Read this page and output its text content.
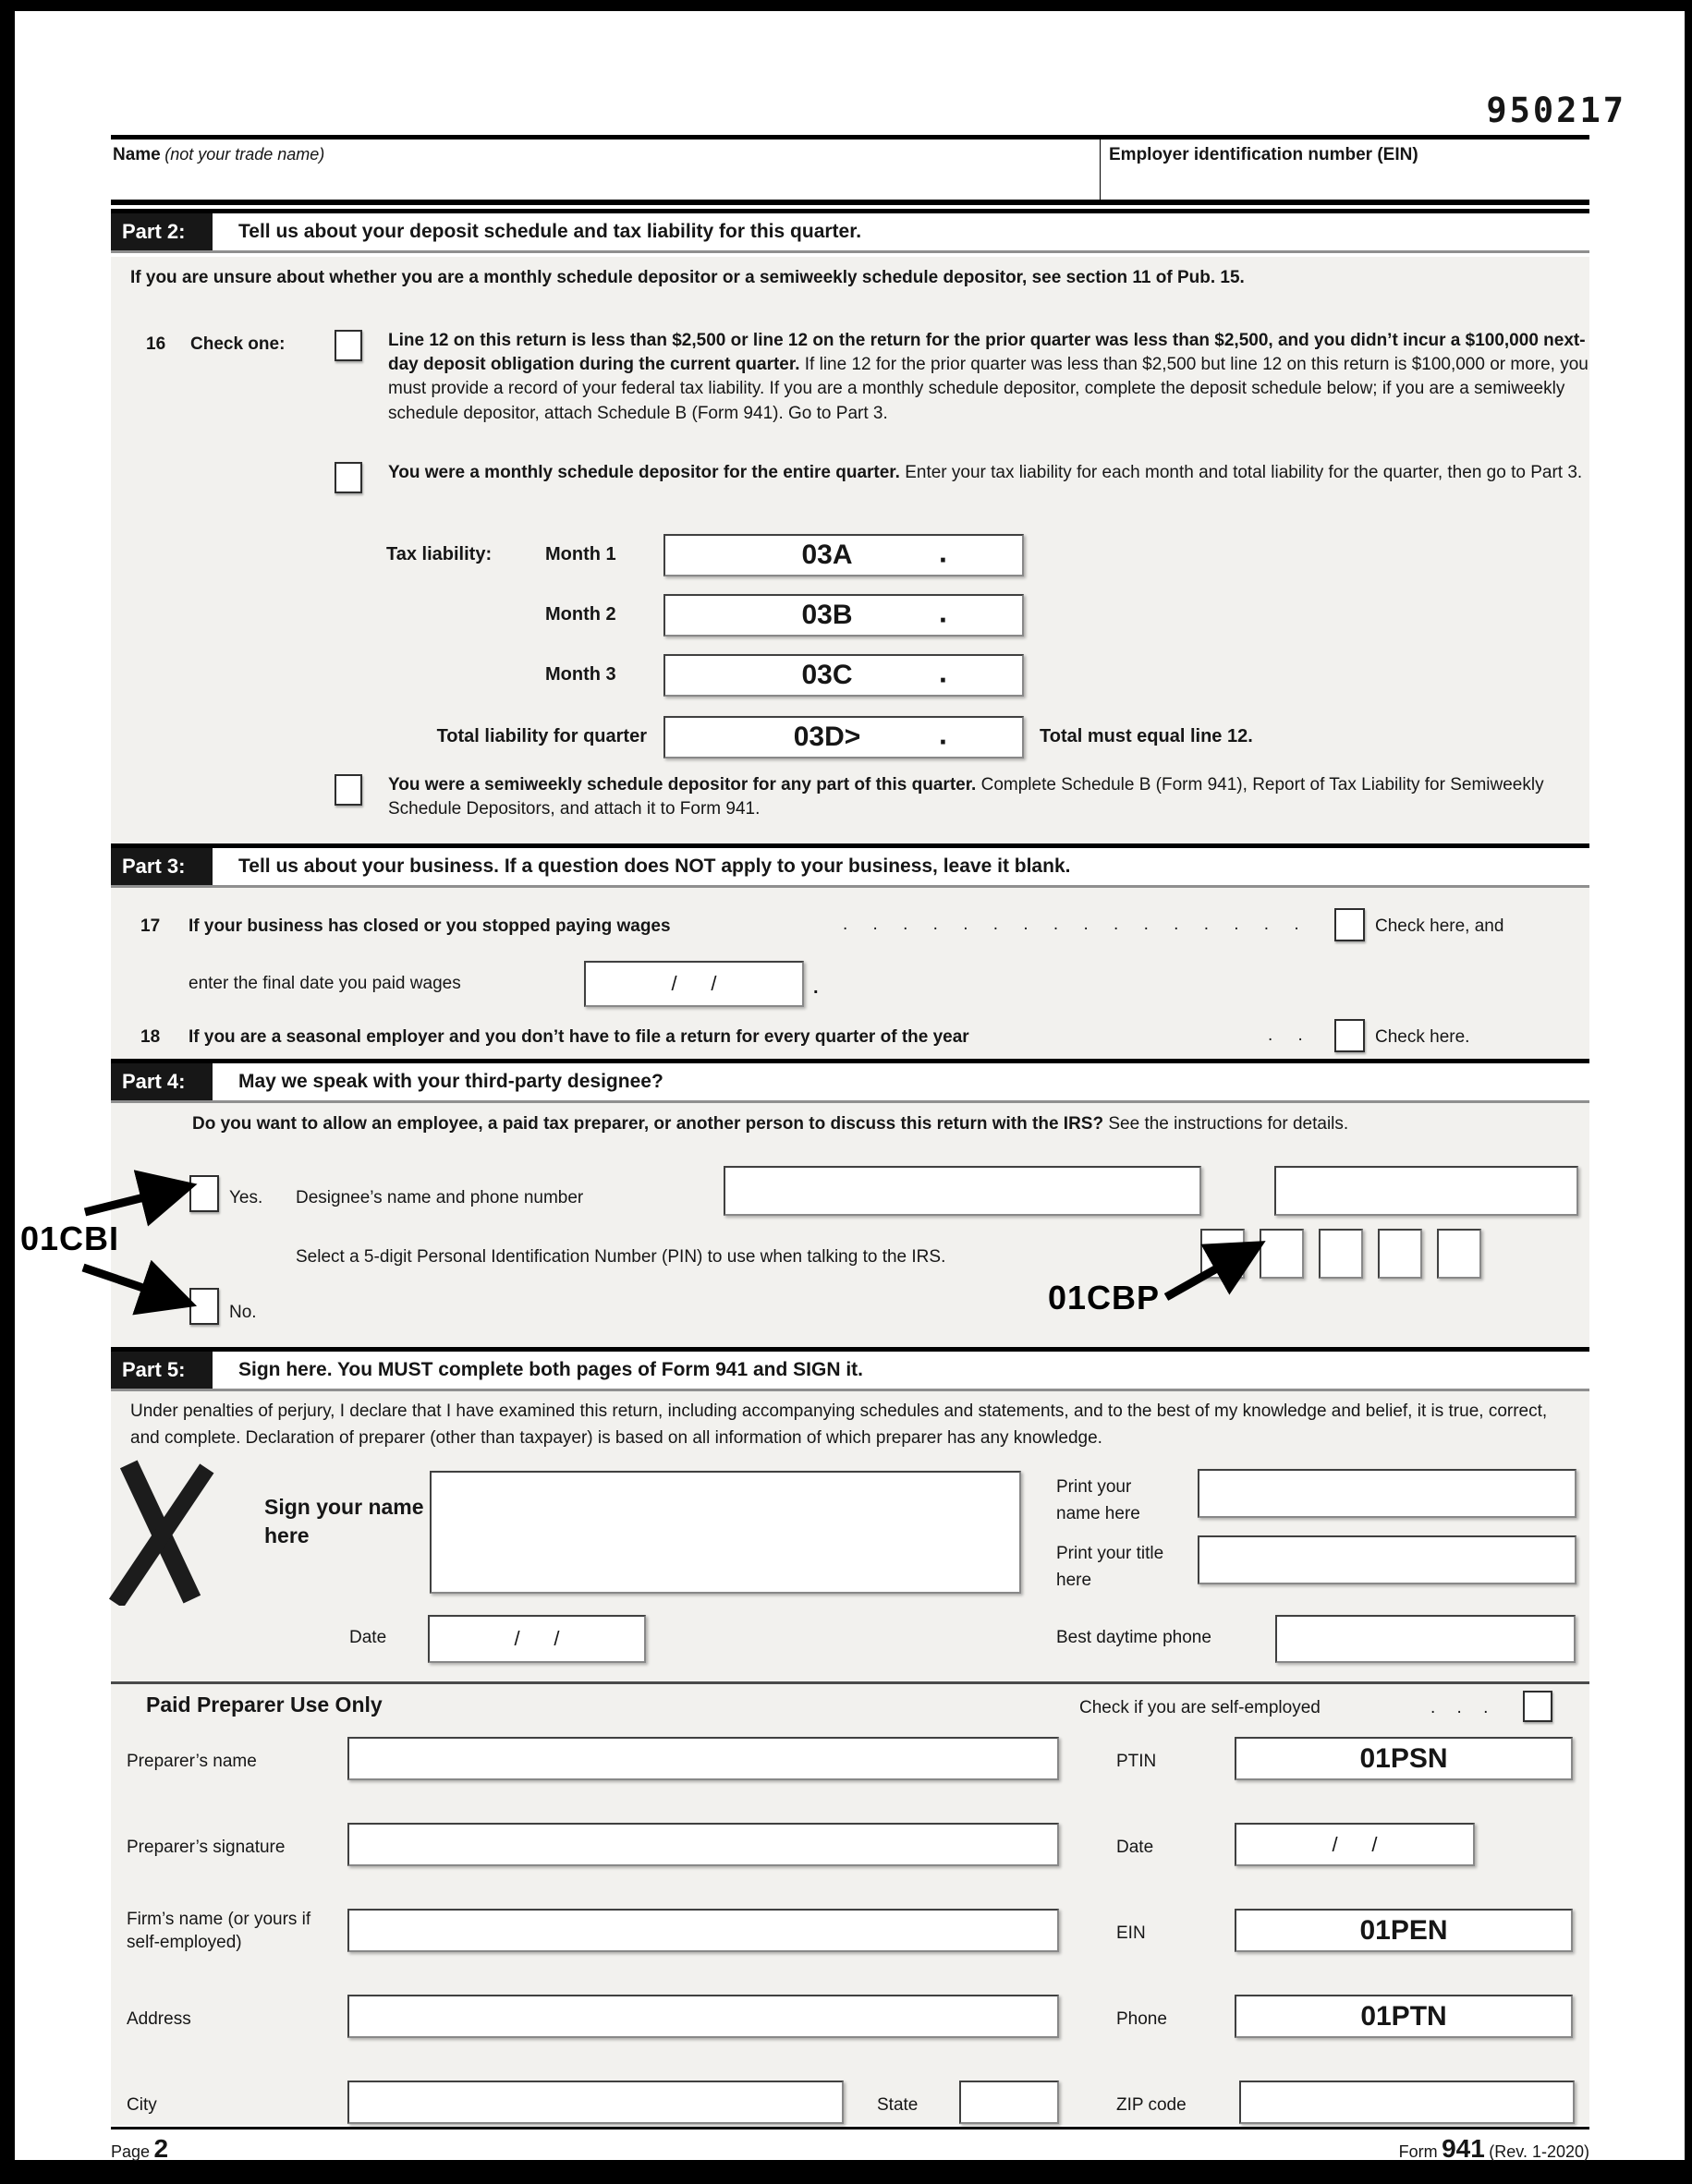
950217
Name (not your trade name)	Employer identification number (EIN)
Part 2:	Tell us about your deposit schedule and tax liability for this quarter.

If you are unsure about whether you are a monthly schedule depositor or a semiweekly schedule depositor, see section 11 of Pub. 15.

16 Check one:	Line 12 on this return is less than $2,500 or line 12 on the return for the prior quarter was less than $2,500, and you didn’t incur a $100,000 next-day deposit obligation during the current quarter. If line 12 for the prior quarter was less than $2,500 but line 12 on this return is $100,000 or more, you must provide a record of your federal tax liability. If you are a monthly schedule depositor, complete the deposit schedule below; if you are a semiweekly schedule depositor, attach Schedule B (Form 941). Go to Part 3.

You were a monthly schedule depositor for the entire quarter. Enter your tax liability for each month and total liability for the quarter, then go to Part 3.

Tax liability:	Month 1	03A	.
Month 2	03B	.
Month 3	03C	.
Total liability for quarter	03D>	.	Total must equal line 12.

You were a semiweekly schedule depositor for any part of this quarter. Complete Schedule B (Form 941), Report of Tax Liability for Semiweekly Schedule Depositors, and attach it to Form 941.

Part 3:	Tell us about your business. If a question does NOT apply to your business, leave it blank.
17 If your business has closed or you stopped paying wages	. . . . . . . . . . . . . . . .	Check here, and
enter the final date you paid wages	/      /	.
18 If you are a seasonal employer and you don’t have to file a return for every quarter of the year	. .	Check here.
Part 4:	May we speak with your third-party designee?

Do you want to allow an employee, a paid tax preparer, or another person to discuss this return with the IRS? See the instructions for details.

Yes. Designee’s name and phone number
Select a 5-digit Personal Identification Number (PIN) to use when talking to the IRS.
No.
01CBI
01CBP
Part 5:	Sign here. You MUST complete both pages of Form 941 and SIGN it.

Under penalties of perjury, I declare that I have examined this return, including accompanying schedules and statements, and to the best of my knowledge and belief, it is true, correct, and complete. Declaration of preparer (other than taxpayer) is based on all information of which preparer has any knowledge.

Sign your name here
Print your name here
Print your title here
Date	/      /	Best daytime phone
Paid Preparer Use Only	Check if you are self-employed	. . .
Preparer’s name	PTIN	01PSN
Preparer’s signature	Date	/      /
Firm’s name (or yours if self-employed)	EIN	01PEN
Address	Phone	01PTN
City	State	ZIP code
Page 2	Form 941 (Rev. 1-2020)
